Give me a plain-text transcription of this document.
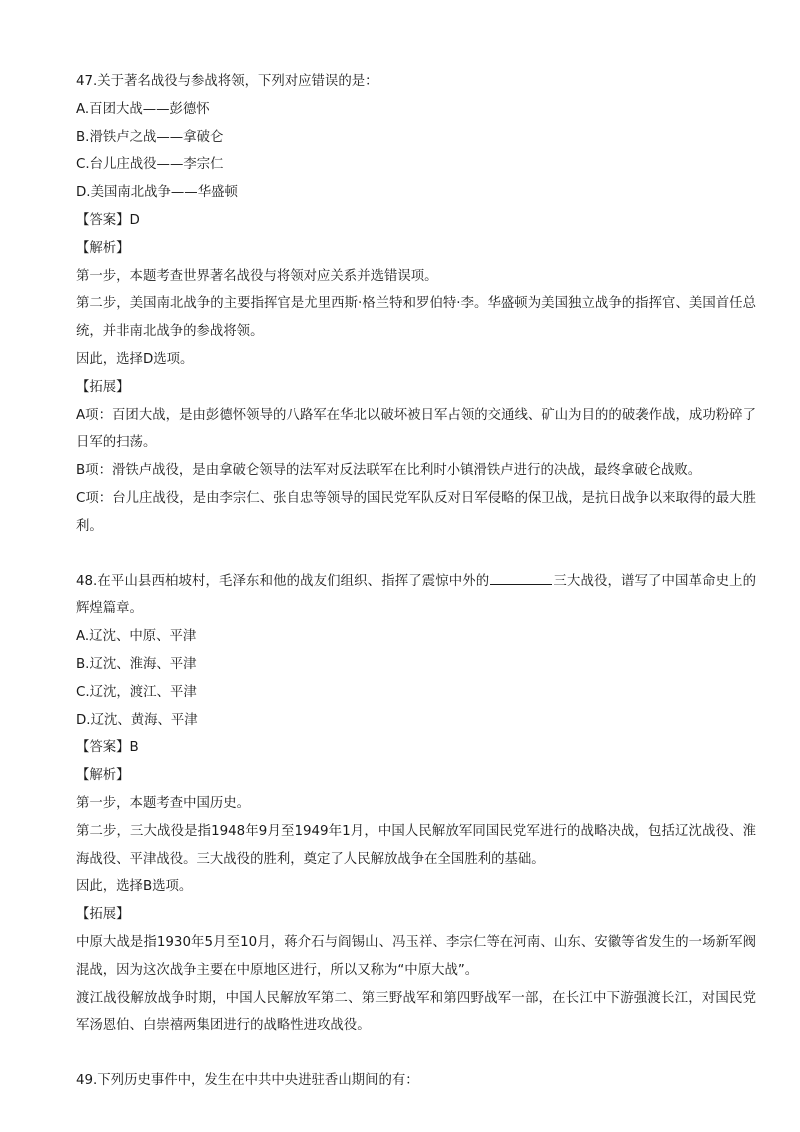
47.关于著名战役与参战将领，下列对应错误的是：
A.百团大战——彭德怀
B.滑铁卢之战——拿破仑
C.台儿庄战役——李宗仁
D.美国南北战争——华盛顿
【答案】D
【解析】
第一步，本题考查世界著名战役与将领对应关系并选错误项。
第二步，美国南北战争的主要指挥官是尤里西斯·格兰特和罗伯特·李。华盛顿为美国独立战争的指挥官、美国首任总统，并非南北战争的参战将领。
因此，选择D选项。
【拓展】
A项：百团大战，是由彭德怀领导的八路军在华北以破坏被日军占领的交通线、矿山为目的的破袭作战，成功粉碎了日军的扫荡。
B项：滑铁卢战役，是由拿破仑领导的法军对反法联军在比利时小镇滑铁卢进行的决战，最终拿破仑战败。
C项：台儿庄战役，是由李宗仁、张自忠等领导的国民党军队反对日军侵略的保卫战，是抗日战争以来取得的最大胜利。
48.在平山县西柏坡村，毛泽东和他的战友们组织、指挥了震惊中外的	三大战役，谱写了中国革命史上的辉煌篇章。
A.辽沈、中原、平津
B.辽沈、淮海、平津
C.辽沈，渡江、平津
D.辽沈、黄海、平津
【答案】B
【解析】
第一步，本题考查中国历史。
第二步，三大战役是指1948年9月至1949年1月，中国人民解放军同国民党军进行的战略决战，包括辽沈战役、淮海战役、平津战役。三大战役的胜利，奠定了人民解放战争在全国胜利的基础。
因此，选择B选项。
【拓展】
中原大战是指1930年5月至10月，蒋介石与阎锡山、冯玉祥、李宗仁等在河南、山东、安徽等省发生的一场新军阀混战，因为这次战争主要在中原地区进行，所以又称为“中原大战”。
渡江战役解放战争时期，中国人民解放军第二、第三野战军和第四野战军一部，在长江中下游强渡长江，对国民党军汤恩伯、白崇禧两集团进行的战略性进攻战役。
49.下列历史事件中，发生在中共中央进驻香山期间的有：
